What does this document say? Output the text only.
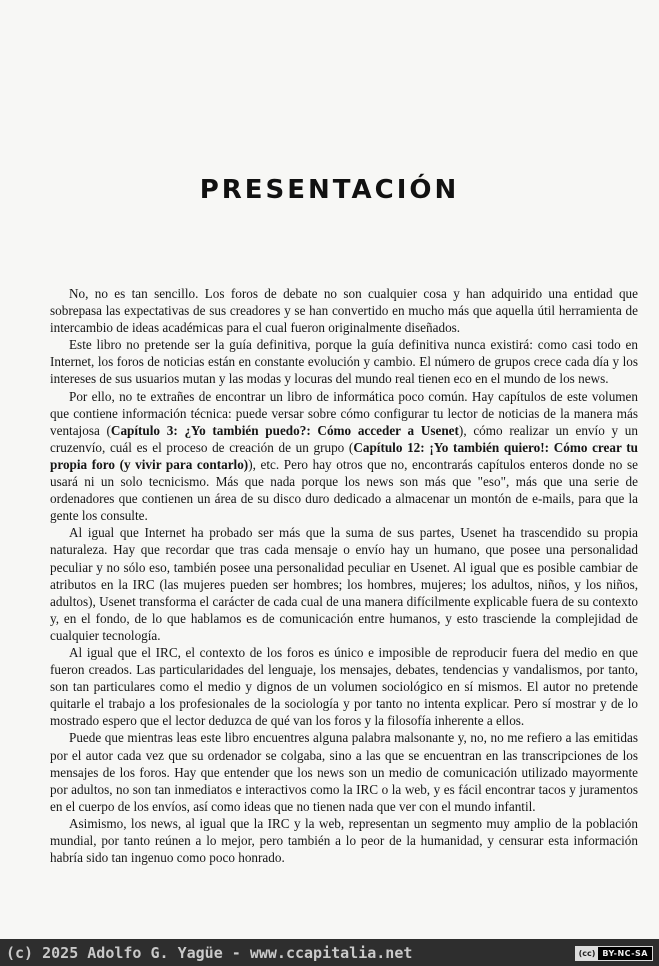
PRESENTACIÓN

No, no es tan sencillo. Los foros de debate no son cualquier cosa y han adquirido una entidad que sobrepasa las expectativas de sus creadores y se han convertido en mucho más que aquella útil herramienta de intercambio de ideas académicas para el cual fueron originalmente diseñados.

Este libro no pretende ser la guía definitiva, porque la guía definitiva nunca existirá: como casi todo en Internet, los foros de noticias están en constante evolución y cambio. El número de grupos crece cada día y los intereses de sus usuarios mutan y las modas y locuras del mundo real tienen eco en el mundo de los news.

Por ello, no te extrañes de encontrar un libro de informática poco común. Hay capítulos de este volumen que contiene información técnica: puede versar sobre cómo configurar tu lector de noticias de la manera más ventajosa (Capítulo 3: ¿Yo también puedo?: Cómo acceder a Usenet), cómo realizar un envío y un cruzenvío, cuál es el proceso de creación de un grupo (Capítulo 12: ¡Yo también quiero!: Cómo crear tu propia foro (y vivir para contarlo)), etc. Pero hay otros que no, encontrarás capítulos enteros donde no se usará ni un solo tecnicismo. Más que nada porque los news son más que "eso", más que una serie de ordenadores que contienen un área de su disco duro dedicado a almacenar un montón de e-mails, para que la gente los consulte.

Al igual que Internet ha probado ser más que la suma de sus partes, Usenet ha trascendido su propia naturaleza. Hay que recordar que tras cada mensaje o envío hay un humano, que posee una personalidad peculiar y no sólo eso, también posee una personalidad peculiar en Usenet. Al igual que es posible cambiar de atributos en la IRC (las mujeres pueden ser hombres; los hombres, mujeres; los adultos, niños, y los niños, adultos), Usenet transforma el carácter de cada cual de una manera difícilmente explicable fuera de su contexto y, en el fondo, de lo que hablamos es de comunicación entre humanos, y esto trasciende la complejidad de cualquier tecnología.

Al igual que el IRC, el contexto de los foros es único e imposible de reproducir fuera del medio en que fueron creados. Las particularidades del lenguaje, los mensajes, debates, tendencias y vandalismos, por tanto, son tan particulares como el medio y dignos de un volumen sociológico en sí mismos. El autor no pretende quitarle el trabajo a los profesionales de la sociología y por tanto no intenta explicar. Pero sí mostrar y de lo mostrado espero que el lector deduzca de qué van los foros y la filosofía inherente a ellos.

Puede que mientras leas este libro encuentres alguna palabra malsonante y, no, no me refiero a las emitidas por el autor cada vez que su ordenador se colgaba, sino a las que se encuentran en las transcripciones de los mensajes de los foros. Hay que entender que los news son un medio de comunicación utilizado mayormente por adultos, no son tan inmediatos e interactivos como la IRC o la web, y es fácil encontrar tacos y juramentos en el cuerpo de los envíos, así como ideas que no tienen nada que ver con el mundo infantil.

Asimismo, los news, al igual que la IRC y la web, representan un segmento muy amplio de la población mundial, por tanto reúnen a lo mejor, pero también a lo peor de la humanidad, y censurar esta información habría sido tan ingenuo como poco honrado.

(c) 2025 Adolfo G. Yagüe - www.ccapitalia.net	(cc) BY-NC-SA
